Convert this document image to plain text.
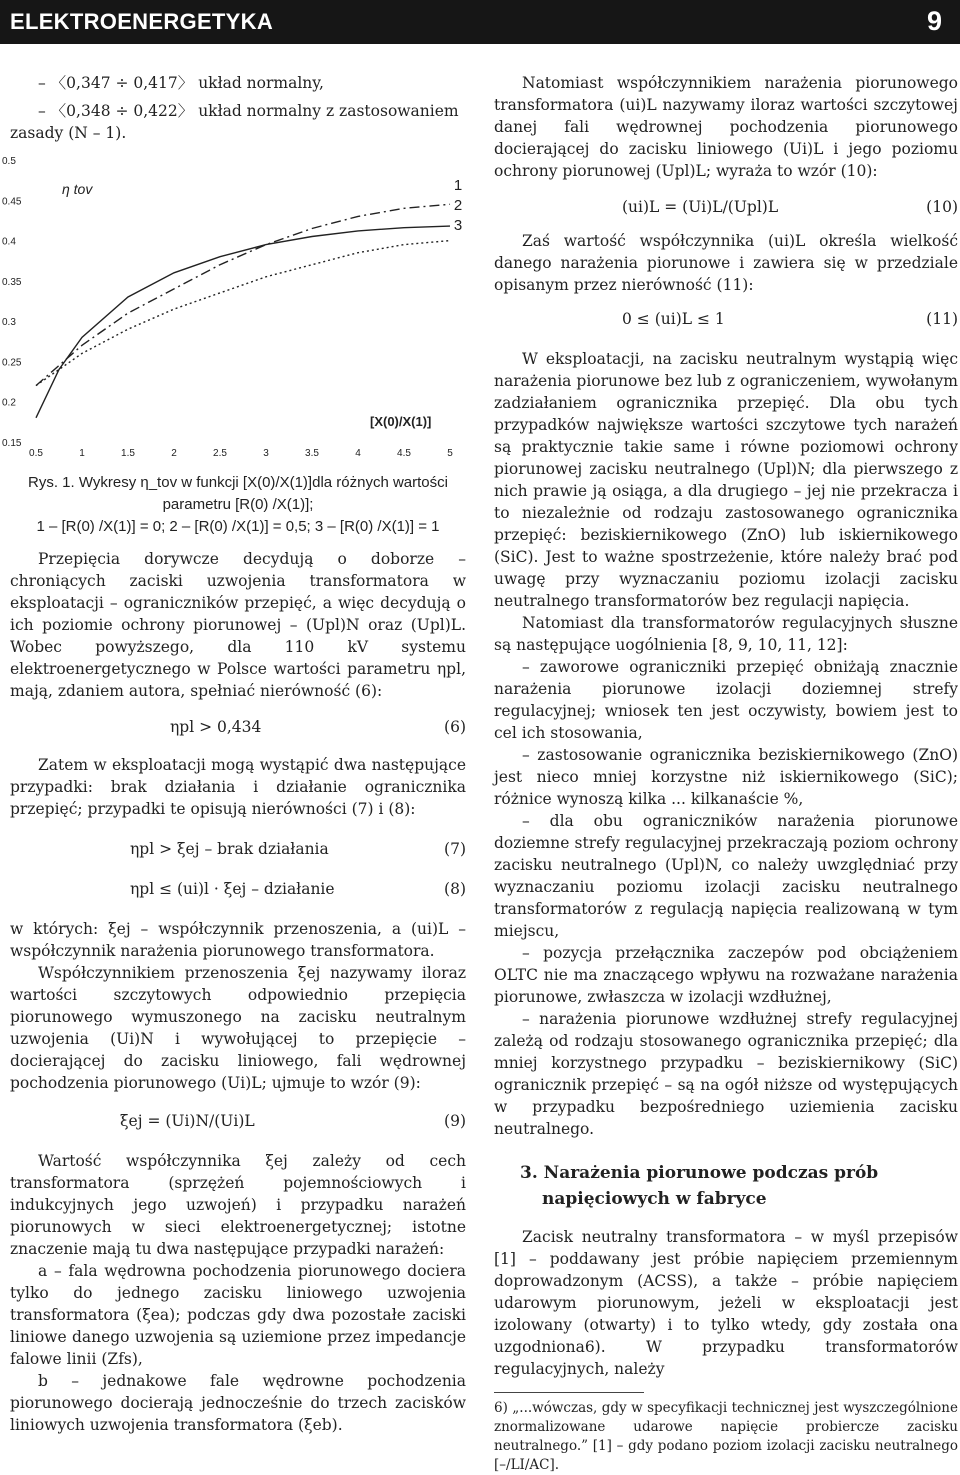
ELEKTROENERGETYKA	9

– 〈0,347 ÷ 0,417〉 układ normalny,

– 〈0,348 ÷ 0,422〉 układ normalny z zastosowaniem zasady (N – 1).

0.5
0.45
0.4
0.35
0.3
0.25
0.2
0.15
0.5	1	1.5	2	2.5	3	3.5	4	4.5	5
η tov
[X(0)/X(1)]
1
2
3

Rys. 1. Wykresy η_tov w funkcji [X(0)/X(1)]dla różnych wartości

parametru [R(0) /X(1)];

1 – [R(0) /X(1)] = 0; 2 – [R(0) /X(1)] = 0,5; 3 – [R(0) /X(1)] = 1

Przepięcia dorywcze decydują o doborze – chroniących zaciski uzwojenia transformatora w eksploatacji – ograniczników przepięć, a więc decydują o ich poziomie ochrony piorunowej – (Upl)N oraz (Upl)L. Wobec powyższego, dla 110 kV systemu elektroenergetycznego w Polsce wartości parametru ηpl, mają, zdaniem autora, spełniać nierówność (6):

ηpl > 0,434	(6)

Zatem w eksploatacji mogą wystąpić dwa następujące przypadki: brak działania i działanie ogranicznika przepięć; przypadki te opisują nierówności (7) i (8):

ηpl > ξej – brak działania	(7)
ηpl ≤ (ui)l · ξej – działanie	(8)

w których: ξej – współczynnik przenoszenia, a (ui)L – współczynnik narażenia piorunowego transformatora.

Współczynnikiem przenoszenia ξej nazywamy iloraz wartości szczytowych odpowiednio przepięcia piorunowego wymuszonego na zacisku neutralnym uzwojenia (Ui)N i wywołującej to przepięcie – docierającej do zacisku liniowego, fali wędrownej pochodzenia piorunowego (Ui)L; ujmuje to wzór (9):

ξej = (Ui)N/(Ui)L	(9)

Wartość współczynnika ξej zależy od cech transformatora (sprzężeń pojemnościowych i indukcyjnych jego uzwojeń) i przypadku narażeń piorunowych w sieci elektroenergetycznej; istotne znaczenie mają tu dwa następujące przypadki narażeń:

a – fala wędrowna pochodzenia piorunowego dociera tylko do jednego zacisku liniowego uzwojenia transformatora (ξea); podczas gdy dwa pozostałe zaciski liniowe danego uzwojenia są uziemione przez impedancje falowe linii (Zfs),

b – jednakowe fale wędrowne pochodzenia piorunowego docierają jednocześnie do trzech zacisków liniowych uzwojenia transformatora (ξeb).

Natomiast współczynnikiem narażenia piorunowego transformatora (ui)L nazywamy iloraz wartości szczytowej danej fali wędrownej pochodzenia piorunowego docierającej do zacisku liniowego (Ui)L i jego poziomu ochrony piorunowej (Upl)L; wyraża to wzór (10):

(ui)L = (Ui)L/(Upl)L	(10)

Zaś wartość współczynnika (ui)L określa wielkość danego narażenia piorunowe i zawiera się w przedziale opisanym przez nierówność (11):

0 ≤ (ui)L ≤ 1	(11)

W eksploatacji, na zacisku neutralnym wystąpią więc narażenia piorunowe bez lub z ograniczeniem, wywołanym zadziałaniem ogranicznika przepięć. Dla obu tych przypadków największe wartości szczytowe tych narażeń są praktycznie takie same i równe poziomowi ochrony piorunowej zacisku neutralnego (Upl)N; dla pierwszego z nich prawie ją osiąga, a dla drugiego – jej nie przekracza i to niezależnie od rodzaju zastosowanego ogranicznika przepięć: beziskiernikowego (ZnO) lub iskiernikowego (SiC). Jest to ważne spostrzeżenie, które należy brać pod uwagę przy wyznaczaniu poziomu izolacji zacisku neutralnego transformatorów bez regulacji napięcia.

Natomiast dla transformatorów regulacyjnych słuszne są następujące uogólnienia [8, 9, 10, 11, 12]:

– zaworowe ograniczniki przepięć obniżają znacznie narażenia piorunowe izolacji doziemnej strefy regulacyjnej; wniosek ten jest oczywisty, bowiem jest to cel ich stosowania,

– zastosowanie ogranicznika beziskiernikowego (ZnO) jest nieco mniej korzystne niż iskiernikowego (SiC); różnice wynoszą kilka ... kilkanaście %,

– dla obu ograniczników narażenia piorunowe doziemne strefy regulacyjnej przekraczają poziom ochrony zacisku neutralnego (Upl)N, co należy uwzględniać przy wyznaczaniu poziomu izolacji zacisku neutralnego transformatorów z regulacją napięcia realizowaną w tym miejscu,

– pozycja przełącznika zaczepów pod obciążeniem OLTC nie ma znaczącego wpływu na rozważane narażenia piorunowe, zwłaszcza w izolacji wzdłużnej,

– narażenia piorunowe wzdłużnej strefy regulacyjnej zależą od rodzaju stosowanego ogranicznika przepięć; dla mniej korzystnego przypadku – beziskiernikowy (SiC) ogranicznik przepięć – są na ogół niższe od występujących w przypadku bezpośredniego uziemienia zacisku neutralnego.

3. Narażenia piorunowe podczas prób
napięciowych w fabryce

Zacisk neutralny transformatora – w myśl przepisów [1] – poddawany jest próbie napięciem przemiennym doprowadzonym (ACSS), a także – próbie napięciem udarowym piorunowym, jeżeli w eksploatacji jest izolowany (otwarty) i to tylko wtedy, gdy została ona uzgodniona6). W przypadku transformatorów regulacyjnych, należy

6) „...wówczas, gdy w specyfikacji technicznej jest wyszczególnione znormalizowane udarowe napięcie probiercze zacisku neutralnego.” [1] – gdy podano poziom izolacji zacisku neutralnego [–/LI/AC].
